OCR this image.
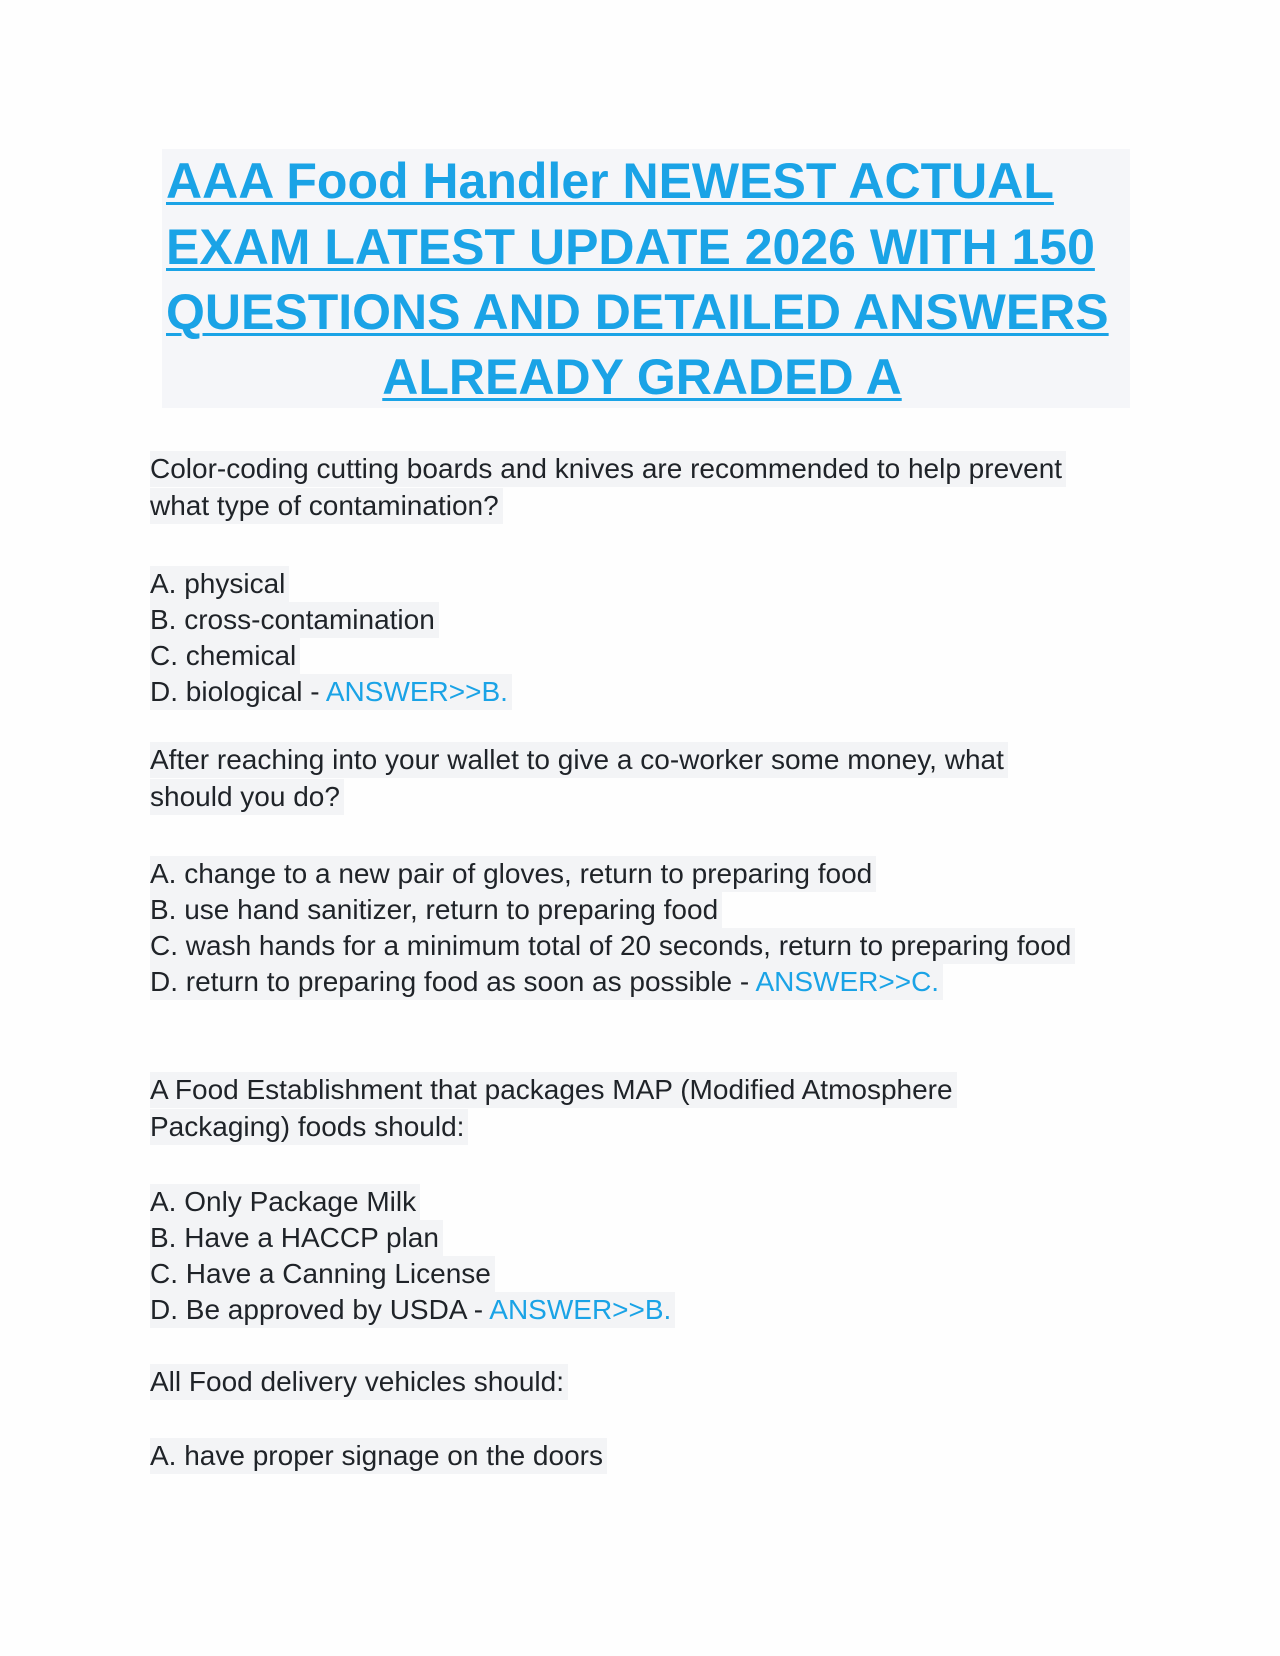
AAA Food Handler NEWEST ACTUAL
EXAM LATEST UPDATE 2026 WITH 150
QUESTIONS AND DETAILED ANSWERS
ALREADY GRADED A
Color-coding cutting boards and knives are recommended to help prevent
what type of contamination?
A. physical
B. cross-contamination
C. chemical
D. biological - ANSWER>>B.
After reaching into your wallet to give a co-worker some money, what
should you do?
A. change to a new pair of gloves, return to preparing food
B. use hand sanitizer, return to preparing food
C. wash hands for a minimum total of 20 seconds, return to preparing food
D. return to preparing food as soon as possible - ANSWER>>C.
A Food Establishment that packages MAP (Modified Atmosphere
Packaging) foods should:
A. Only Package Milk
B. Have a HACCP plan
C. Have a Canning License
D. Be approved by USDA - ANSWER>>B.
All Food delivery vehicles should:
A. have proper signage on the doors
